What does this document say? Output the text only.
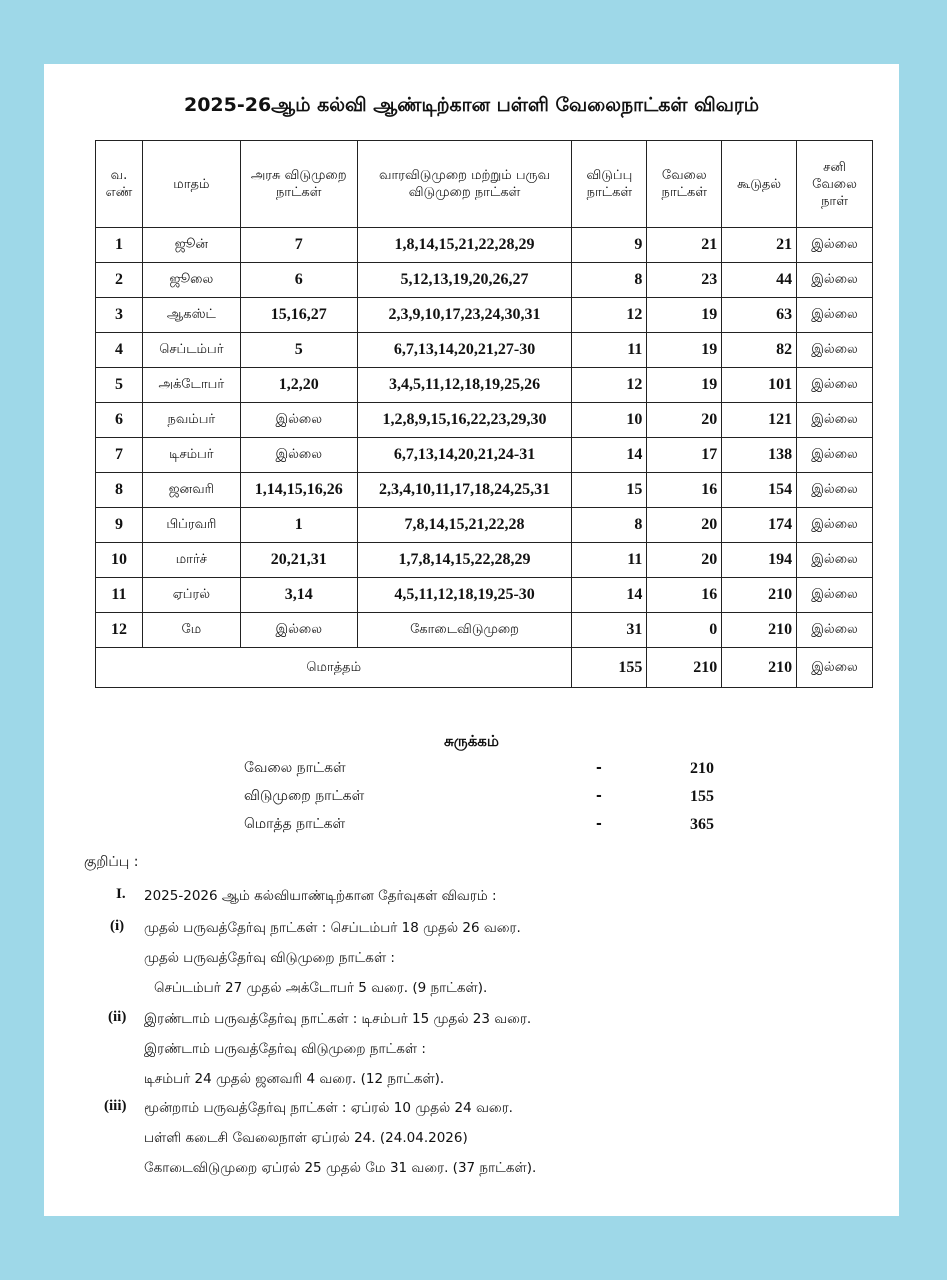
2025-26ஆம் கல்வி ஆண்டிற்கான பள்ளி வேலைநாட்கள் விவரம்
வ. எண்	மாதம்	அரசு விடுமுறை நாட்கள்	வாரவிடுமுறை மற்றும் பருவ விடுமுறை நாட்கள்	விடுப்பு நாட்கள்	வேலை நாட்கள்	கூடுதல்	சனி வேலை நாள்
1	ஜூன்	7	1,8,14,15,21,22,28,29	9	21	21	இல்லை
2	ஜூலை	6	5,12,13,19,20,26,27	8	23	44	இல்லை
3	ஆகஸ்ட்	15,16,27	2,3,9,10,17,23,24,30,31	12	19	63	இல்லை
4	செப்டம்பர்	5	6,7,13,14,20,21,27-30	11	19	82	இல்லை
5	அக்டோபர்	1,2,20	3,4,5,11,12,18,19,25,26	12	19	101	இல்லை
6	நவம்பர்	இல்லை	1,2,8,9,15,16,22,23,29,30	10	20	121	இல்லை
7	டிசம்பர்	இல்லை	6,7,13,14,20,21,24-31	14	17	138	இல்லை
8	ஜனவரி	1,14,15,16,26	2,3,4,10,11,17,18,24,25,31	15	16	154	இல்லை
9	பிப்ரவரி	1	7,8,14,15,21,22,28	8	20	174	இல்லை
10	மார்ச்	20,21,31	1,7,8,14,15,22,28,29	11	20	194	இல்லை
11	ஏப்ரல்	3,14	4,5,11,12,18,19,25-30	14	16	210	இல்லை
12	மே	இல்லை	கோடைவிடுமுறை	31	0	210	இல்லை
மொத்தம்				155	210	210	இல்லை
சுருக்கம்
வேலை நாட்கள்	-	210
விடுமுறை நாட்கள்	-	155
மொத்த நாட்கள்	-	365
குறிப்பு :
I. 2025-2026 ஆம் கல்வியாண்டிற்கான தேர்வுகள் விவரம் :
(i) முதல் பருவத்தேர்வு நாட்கள் : செப்டம்பர் 18 முதல் 26 வரை.
முதல் பருவத்தேர்வு விடுமுறை நாட்கள் :
செப்டம்பர் 27 முதல் அக்டோபர் 5 வரை. (9 நாட்கள்).
(ii) இரண்டாம் பருவத்தேர்வு நாட்கள் : டிசம்பர் 15 முதல் 23 வரை.
இரண்டாம் பருவத்தேர்வு விடுமுறை நாட்கள் :
டிசம்பர் 24 முதல் ஜனவரி 4 வரை. (12 நாட்கள்).
(iii) மூன்றாம் பருவத்தேர்வு நாட்கள் : ஏப்ரல் 10 முதல் 24 வரை.
பள்ளி கடைசி வேலைநாள் ஏப்ரல் 24. (24.04.2026)
கோடைவிடுமுறை ஏப்ரல் 25 முதல் மே 31 வரை. (37 நாட்கள்).
